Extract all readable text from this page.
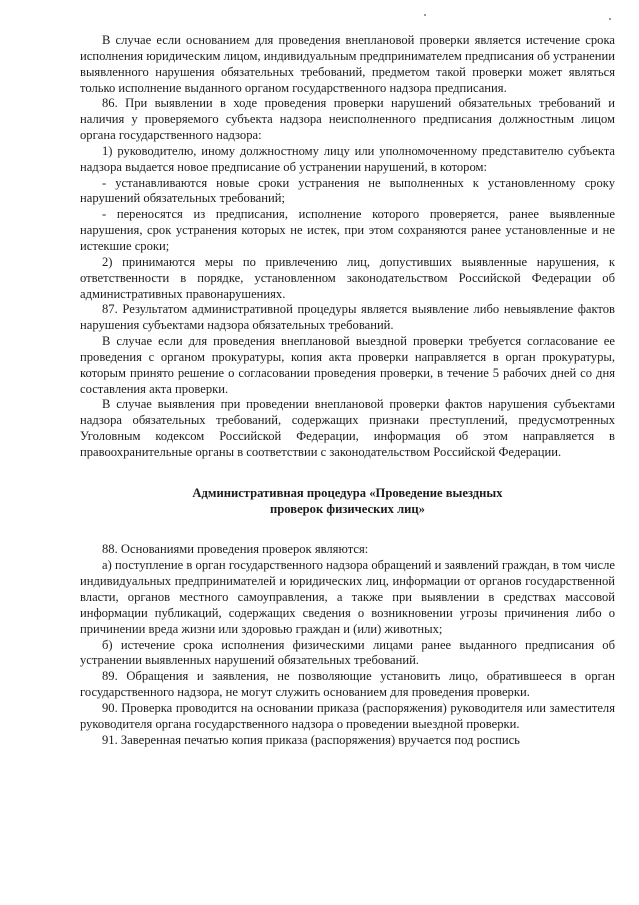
В случае если основанием для проведения внеплановой проверки является истечение срока исполнения юридическим лицом, индивидуальным предпринимателем предписания об устранении выявленного нарушения обязательных требований, предметом такой проверки может являться только исполнение выданного органом государственного надзора предписания.

86. При выявлении в ходе проведения проверки нарушений обязательных требований и наличия у проверяемого субъекта надзора неисполненного предписания должностным лицом органа государственного надзора:

1) руководителю, иному должностному лицу или уполномоченному представителю субъекта надзора выдается новое предписание об устранении нарушений, в котором:

- устанавливаются новые сроки устранения не выполненных к установленному сроку нарушений обязательных требований;

- переносятся из предписания, исполнение которого проверяется, ранее выявленные нарушения, срок устранения которых не истек, при этом сохраняются ранее установленные и не истекшие сроки;

2) принимаются меры по привлечению лиц, допустивших выявленные нарушения, к ответственности в порядке, установленном законодательством Российской Федерации об административных правонарушениях.

87. Результатом административной процедуры является выявление либо невыявление фактов нарушения субъектами надзора обязательных требований.

В случае если для проведения внеплановой выездной проверки требуется согласование ее проведения с органом прокуратуры, копия акта проверки направляется в орган прокуратуры, которым принято решение о согласовании проведения проверки, в течение 5 рабочих дней со дня составления акта проверки.

В случае выявления при проведении внеплановой проверки фактов нарушения субъектами надзора обязательных требований, содержащих признаки преступлений, предусмотренных Уголовным кодексом Российской Федерации, информация об этом направляется в правоохранительные органы в соответствии с законодательством Российской Федерации.

Административная процедура «Проведение выездных
проверок физических лиц»

88. Основаниями проведения проверок являются:

а) поступление в орган государственного надзора обращений и заявлений граждан, в том числе индивидуальных предпринимателей и юридических лиц, информации от органов государственной власти, органов местного самоуправления, а также при выявлении в средствах массовой информации публикаций, содержащих сведения о возникновении угрозы причинения либо о причинении вреда жизни или здоровью граждан и (или) животных;

б) истечение срока исполнения физическими лицами ранее выданного предписания об устранении выявленных нарушений обязательных требований.

89. Обращения и заявления, не позволяющие установить лицо, обратившееся в орган государственного надзора, не могут служить основанием для проведения проверки.

90. Проверка проводится на основании приказа (распоряжения) руководителя или заместителя руководителя органа государственного надзора о проведении выездной проверки.

91. Заверенная печатью копия приказа (распоряжения) вручается под роспись
